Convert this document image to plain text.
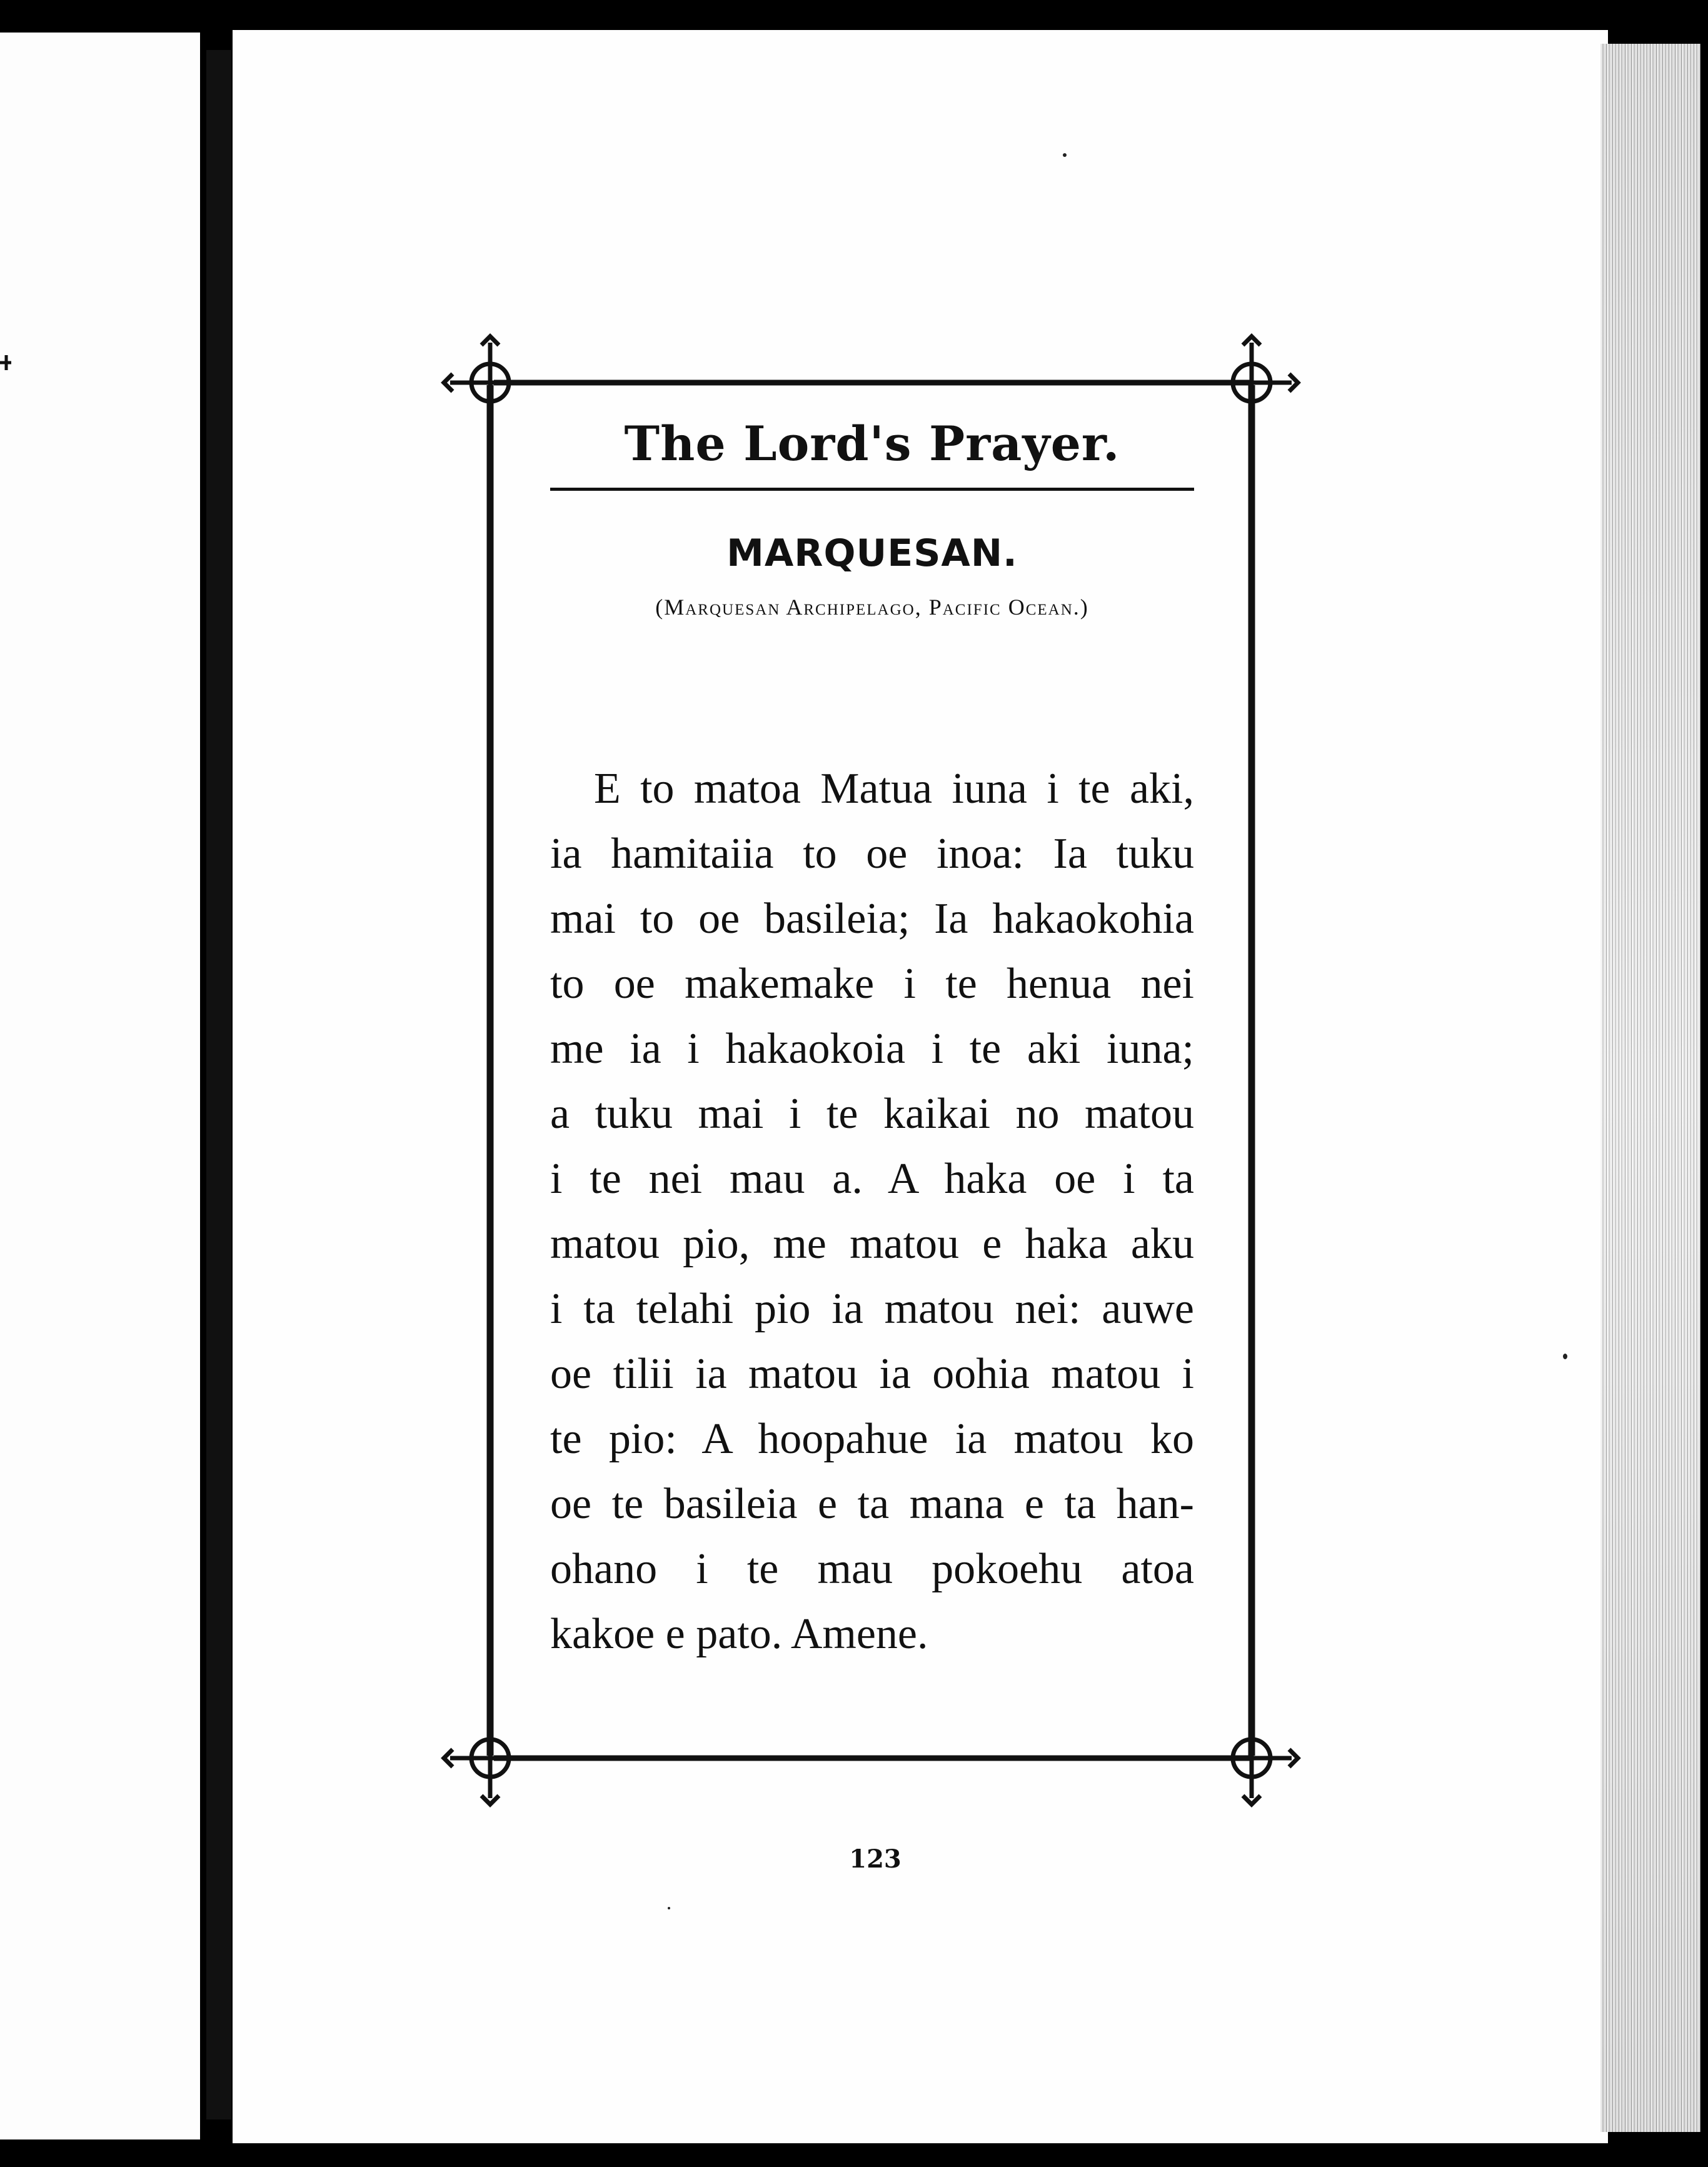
The Lord's Prayer.
MARQUESAN.
(Marquesan Archipelago, Pacific Ocean.)
E to matoa Matua iuna i te aki,
ia hamitaiia to oe inoa: Ia tuku
mai to oe basileia; Ia hakaokohia
to oe makemake i te henua nei
me ia i hakaokoia i te aki iuna;
a tuku mai i te kaikai no matou
i te nei mau a. A haka oe i ta
matou pio, me matou e haka aku
i ta telahi pio ia matou nei: auwe
oe tilii ia matou ia oohia matou i
te pio: A hoopahue ia matou ko
oe te basileia e ta mana e ta han-
ohano i te mau pokoehu atoa
kakoe e pato. Amene.
123
